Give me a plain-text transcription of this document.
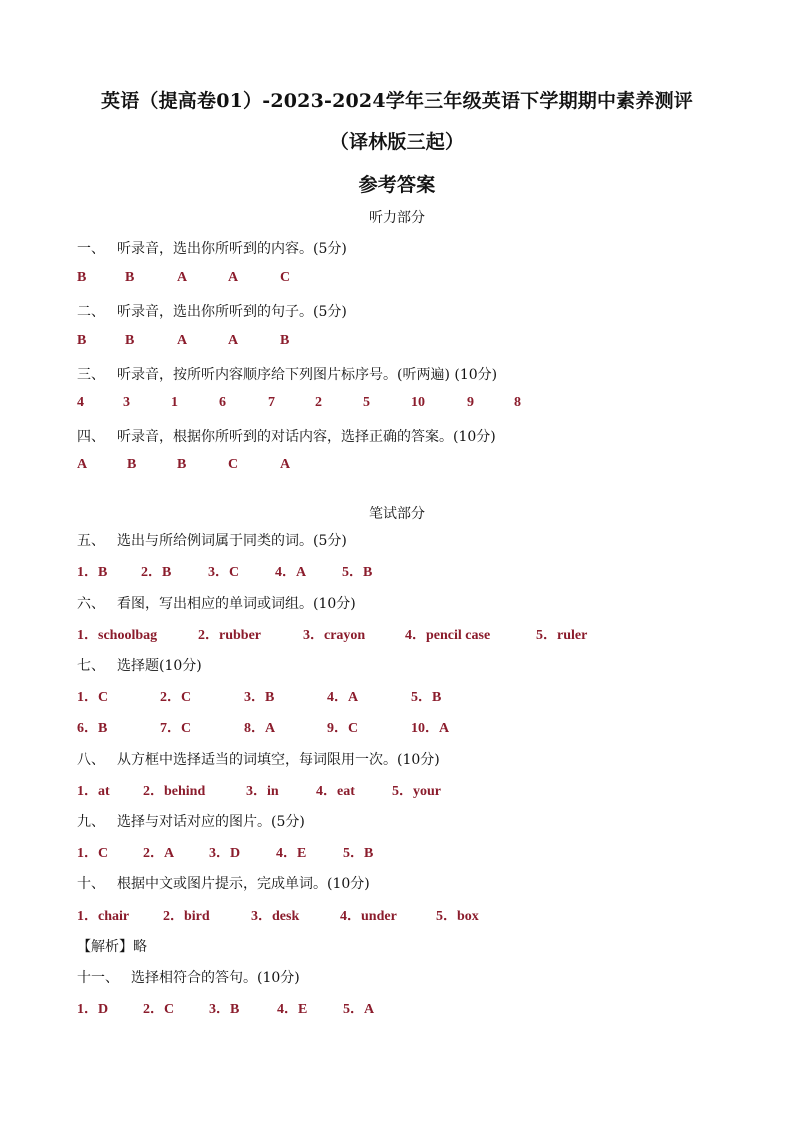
英语（提高卷01）-2023-2024学年三年级英语下学期期中素养测评
（译林版三起）
参考答案
听力部分
一、 听录音，选出你所听到的内容。(5分)
B	B	A	A	C
二、 听录音，选出你所听到的句子。(5分)
B	B	A	A	B
三、 听录音，按所听内容顺序给下列图片标序号。(听两遍) (10分)
4	3	1	6	7	2	5	10	9	8
四、 听录音，根据你所听到的对话内容，选择正确的答案。(10分)
A	B	B	C	A
笔试部分
五、 选出与所给例词属于同类的词。(5分)
1．B 2．B	3．C	4．A	5．B
六、 看图，写出相应的单词或词组。(10分)
1．schoolbag	2．rubber	3．crayon	4．pencil case	5．ruler
七、 选择题(10分)
1．C	2．C	3．B	4．A	5．B
6．B	7．C	8．A	9．C	10．A
八、 从方框中选择适当的词填空，每词限用一次。(10分)
1．at 2．behind	3．in	4．eat	5．your
九、 选择与对话对应的图片。(5分)
1．C 2．A 3．D	4．E	5．B
十、 根据中文或图片提示，完成单词。(10分)
1．chair 2．bird	3．desk	4．under	5．box
【解析】略
十一、 选择相符合的答句。(10分)
1．D 2．C 3．B	4．E	5．A
